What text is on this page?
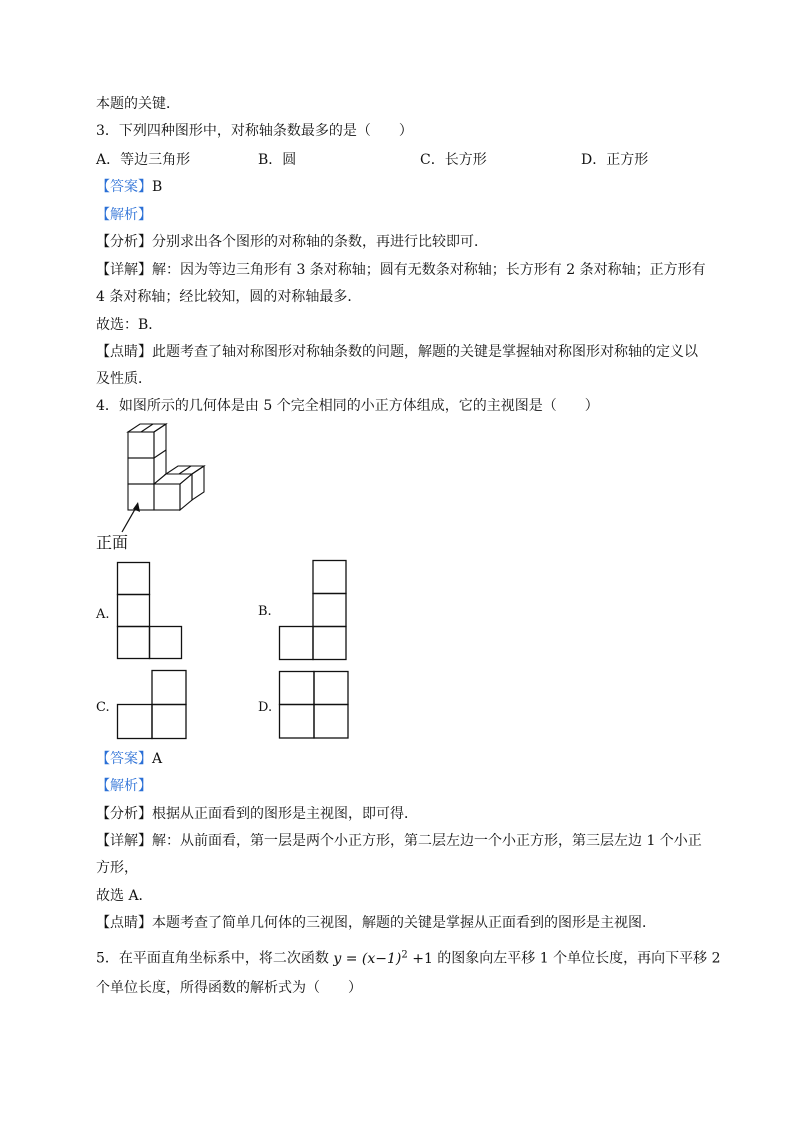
本题的关键．
3．下列四种图形中，对称轴条数最多的是（　　）
A．等边三角形	B．圆	C．长方形	D．正方形
【答案】B
【解析】
【分析】分别求出各个图形的对称轴的条数，再进行比较即可．
【详解】解：因为等边三角形有 3 条对称轴；圆有无数条对称轴；长方形有 2 条对称轴；正方形有
4 条对称轴；经比较知，圆的对称轴最多．
故选：B．
【点睛】此题考查了轴对称图形对称轴条数的问题，解题的关键是掌握轴对称图形对称轴的定义以
及性质．
4．如图所示的几何体是由 5 个完全相同的小正方体组成，它的主视图是（　　）
正面
A.	B.
C.	D.
【答案】A
【解析】
【分析】根据从正面看到的图形是主视图，即可得．
【详解】解：从前面看，第一层是两个小正方形，第二层左边一个小正方形，第三层左边 1 个小正
方形，
故选 A．
【点睛】本题考查了简单几何体的三视图，解题的关键是掌握从正面看到的图形是主视图．
5．在平面直角坐标系中，将二次函数 $y = (x-1)^2 +1$ 的图象向左平移 1 个单位长度，再向下平移 2
个单位长度，所得函数的解析式为（　　）
